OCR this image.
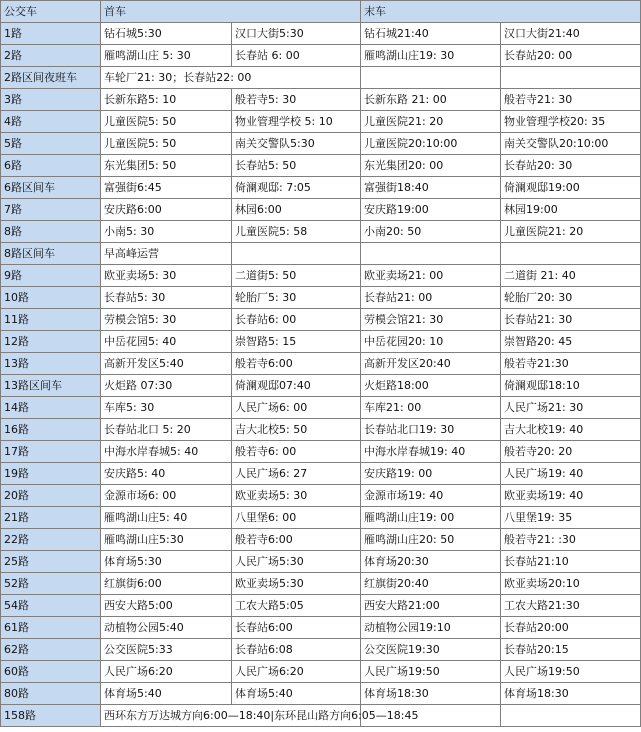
公交车	首车		末车	
1路	钻石城5:30	汉口大街5:30	钻石城21:40	汉口大街21:40
2路	雁鸣湖山庄 5: 30	长春站 6: 00	雁鸣湖山庄19: 30	长春站20: 00
2路区间夜班车	车轮厂21: 30；长春站22: 00			
3路	长新东路5: 10	般若寺5: 30	长新东路 21: 00	般若寺21: 30
4路	儿童医院5: 50	物业管理学校 5: 10	儿童医院21: 20	物业管理学校20: 35
5路	儿童医院5: 50	南关交警队5:30	儿童医院20:10:00	南关交警队20:10:00
6路	东光集团5: 50	长春站5: 50	东光集团20: 00	长春站20: 30
6路区间车	富强街6:45	倚澜观邸: 7:05	富强街18:40	倚澜观邸19:00
7路	安庆路6:00	林园6:00	安庆路19:00	林园19:00
8路	小南5: 30	儿童医院5: 58	小南20: 50	儿童医院21: 20
8路区间车	早高峰运营			
9路	欧亚卖场5: 30	二道街5: 50	欧亚卖场21: 00	二道街 21: 40
10路	长春站5: 30	轮胎厂5: 30	长春站21: 00	轮胎厂20: 30
11路	劳模会馆5: 30	长春站6: 00	劳模会馆21: 30	长春站21: 30
12路	中岳花园5: 40	崇智路5: 15	中岳花园20: 10	崇智路20: 45
13路	高新开发区5:40	般若寺6:00	高新开发区20:40	般若寺21:30
13路区间车	火炬路 07:30	倚澜观邸07:40	火炬路18:00	倚澜观邸18:10
14路	车库5: 30	人民广场6: 00	车库21: 00	人民广场21: 30
16路	长春站北口 5: 20	吉大北校5: 50	长春站北口19: 30	吉大北校19: 40
17路	中海水岸春城5: 40	般若寺6: 00	中海水岸春城19: 40	般若寺20: 20
19路	安庆路5: 40	人民广场6: 27	安庆路19: 00	人民广场19: 40
20路	金源市场6: 00	欧亚卖场5: 30	金源市场19: 40	欧亚卖场19: 40
21路	雁鸣湖山庄5: 40	八里堡6: 00	雁鸣湖山庄19: 00	八里堡19: 35
22路	雁鸣湖山庄5:30	般若寺6:00	雁鸣湖山庄20: 50	般若寺21: :30
25路	体育场5:30	人民广场5:30	体育场20:30	长春站21:10
52路	红旗街6:00	欧亚卖场5:30	红旗街20:40	欧亚卖场20:10
54路	西安大路5:00	工农大路5:05	西安大路21:00	工农大路21:30
61路	动植物公园5:40	长春站6:00	动植物公园19:10	长春站20:00
62路	公交医院5:33	长春站6:08	公交医院19:30	长春站20:15
60路	人民广场6:20	人民广场6:20	人民广场19:50	人民广场19:50
80路	体育场5:40	体育场5:40	体育场18:30	体育场18:30
158路	西环东方万达城方向6:00—18:40|东环昆山路方向6:05—18:45			
